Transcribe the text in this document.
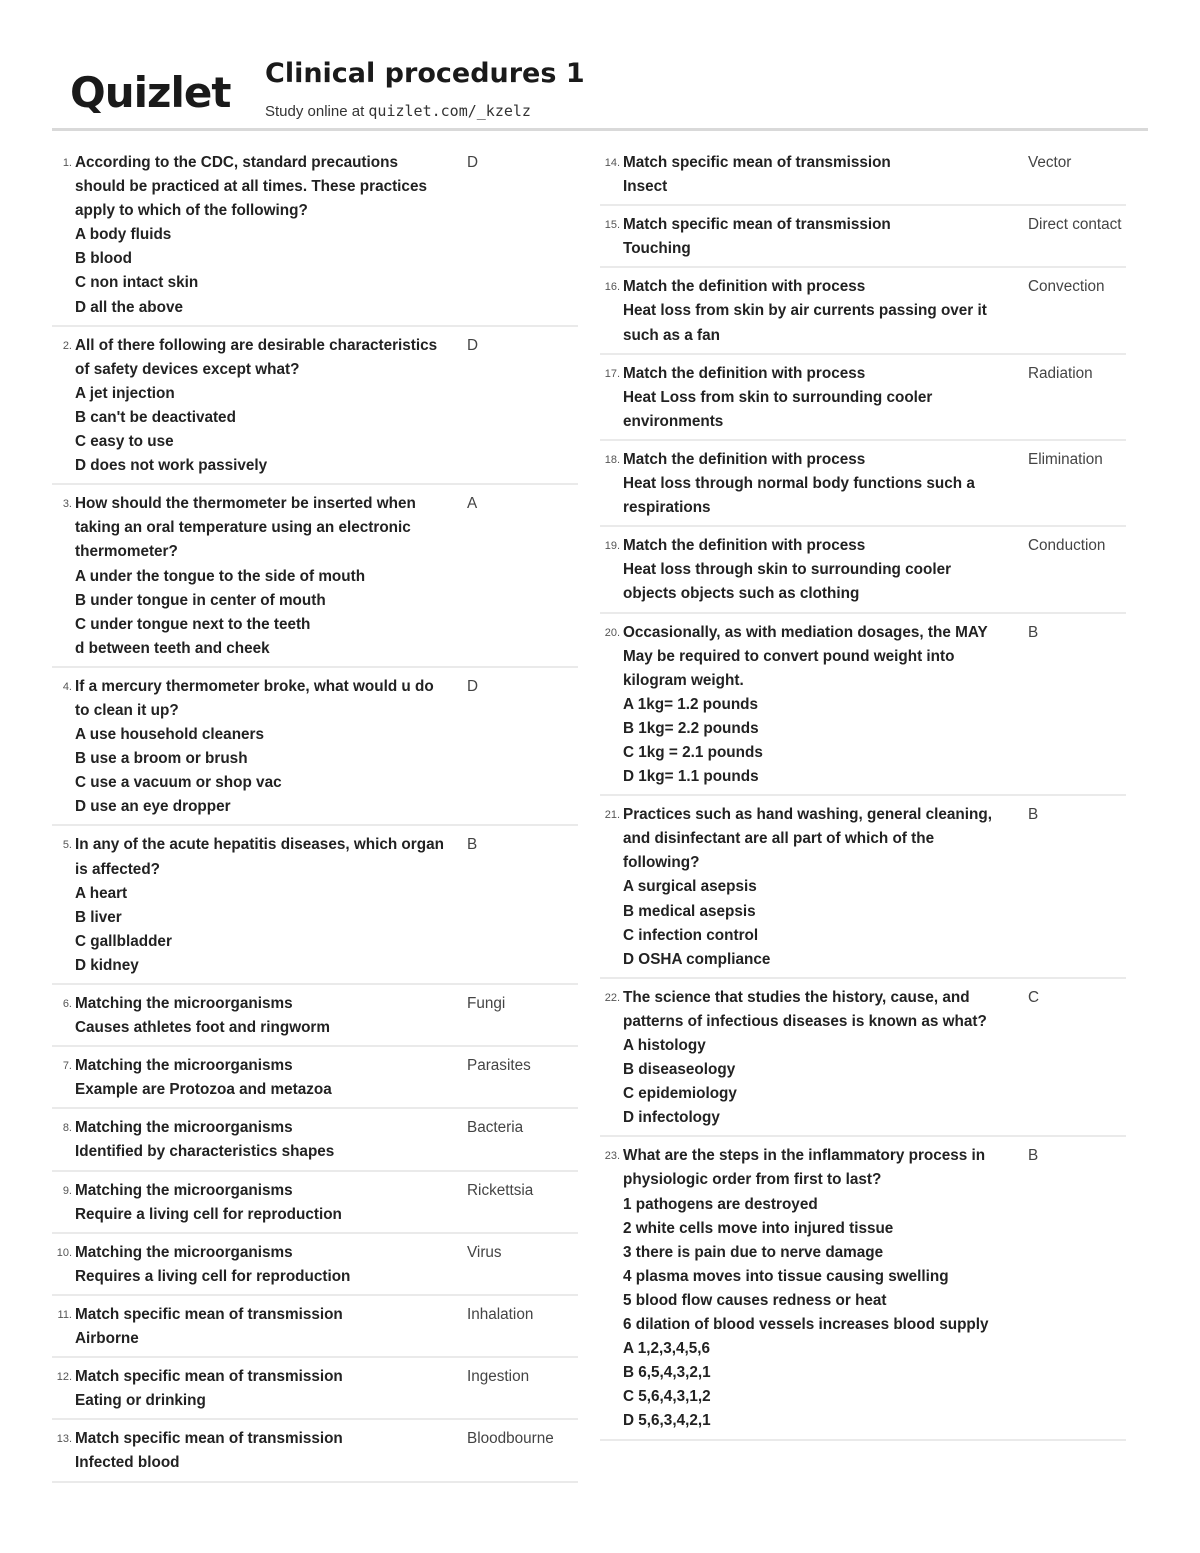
Quizlet Clinical procedures 1
Study online at quizlet.com/_kzelz
1. According to the CDC, standard precautions should be practiced at all times. These practices apply to which of the following?
A body fluids
B blood
C non intact skin
D all the above
D
2. All of there following are desirable characteristics of safety devices except what?
A jet injection
B can't be deactivated
C easy to use
D does not work passively
D
3. How should the thermometer be inserted when taking an oral temperature using an electronic thermometer?
A under the tongue to the side of mouth
B under tongue in center of mouth
C under tongue next to the teeth
d between teeth and cheek
A
4. If a mercury thermometer broke, what would u do to clean it up?
A use household cleaners
B use a broom or brush
C use a vacuum or shop vac
D use an eye dropper
D
5. In any of the acute hepatitis diseases, which organ is affected?
A heart
B liver
C gallbladder
D kidney
B
6. Matching the microorganisms
Causes athletes foot and ringworm
Fungi
7. Matching the microorganisms
Example are Protozoa and metazoa
Parasites
8. Matching the microorganisms
Identified by characteristics shapes
Bacteria
9. Matching the microorganisms
Require a living cell for reproduction
Rickettsia
10. Matching the microorganisms
Requires a living cell for reproduction
Virus
11. Match specific mean of transmission
Airborne
Inhalation
12. Match specific mean of transmission
Eating or drinking
Ingestion
13. Match specific mean of transmission
Infected blood
Bloodbourne
14. Match specific mean of transmission
Insect
Vector
15. Match specific mean of transmission
Touching
Direct contact
16. Match the definition with process
Heat loss from skin by air currents passing over it such as a fan
Convection
17. Match the definition with process
Heat Loss from skin to surrounding cooler environments
Radiation
18. Match the definition with process
Heat loss through normal body functions such a respirations
Elimination
19. Match the definition with process
Heat loss through skin to surrounding cooler objects objects such as clothing
Conduction
20. Occasionally, as with mediation dosages, the MAY May be required to convert pound weight into kilogram weight.
A 1kg= 1.2 pounds
B 1kg= 2.2 pounds
C 1kg = 2.1 pounds
D 1kg= 1.1 pounds
B
21. Practices such as hand washing, general cleaning, and disinfectant are all part of which of the following?
A surgical asepsis
B medical asepsis
C infection control
D OSHA compliance
B
22. The science that studies the history, cause, and patterns of infectious diseases is known as what?
A histology
B diseaseology
C epidemiology
D infectology
C
23. What are the steps in the inflammatory process in physiologic order from first to last?
1 pathogens are destroyed
2 white cells move into injured tissue
3 there is pain due to nerve damage
4 plasma moves into tissue causing swelling
5 blood flow causes redness or heat
6 dilation of blood vessels increases blood supply
A 1,2,3,4,5,6
B 6,5,4,3,2,1
C 5,6,4,3,1,2
D 5,6,3,4,2,1
B
